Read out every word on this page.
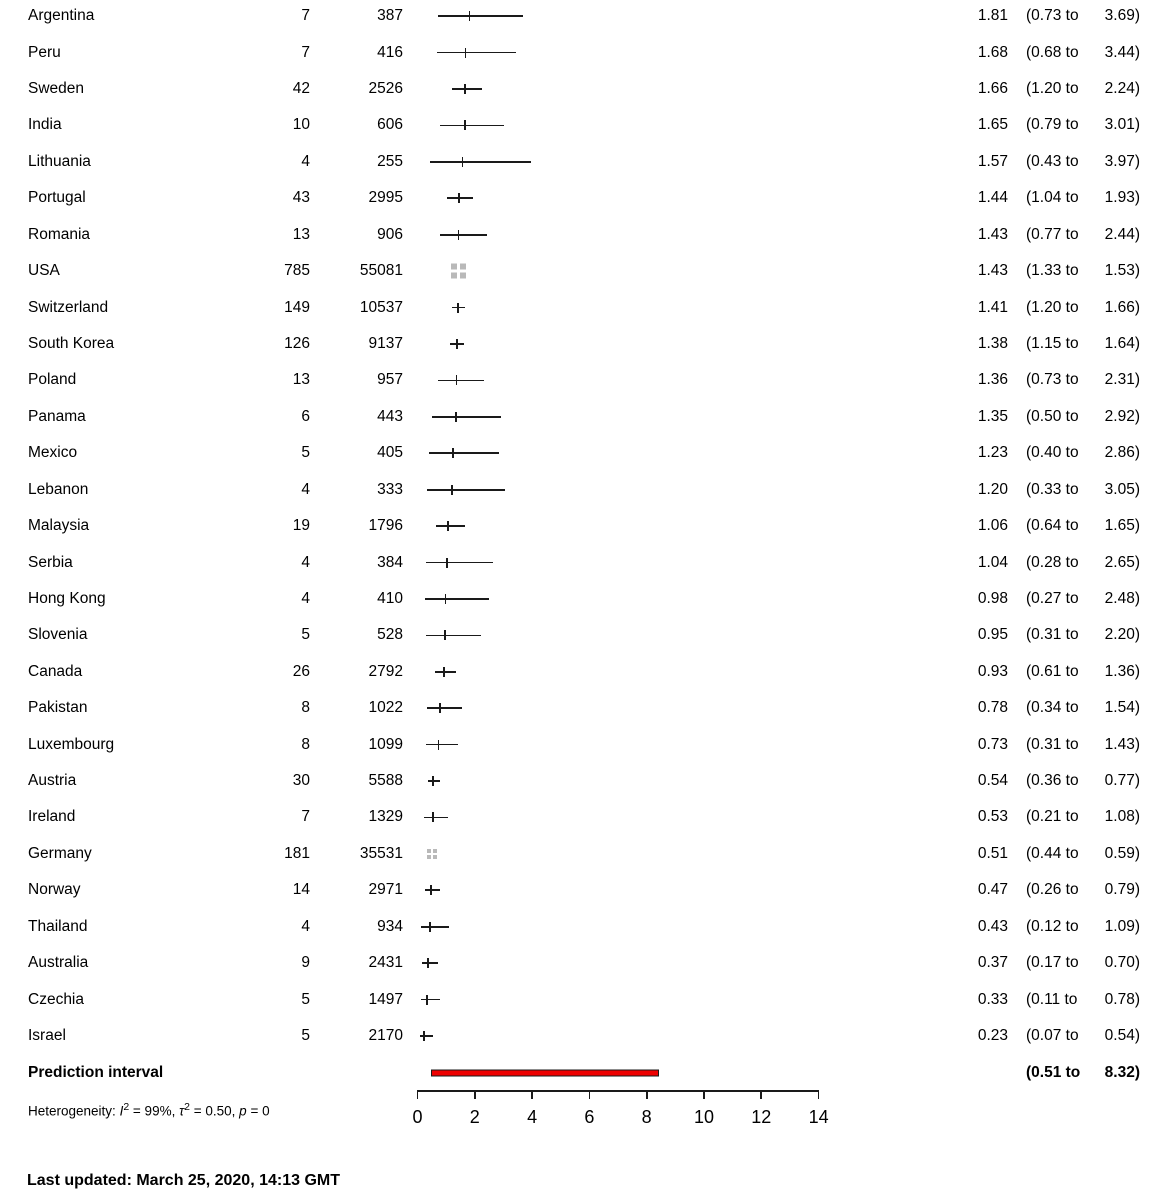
Argentina	7	387	1.81 (0.73 to 3.69)
Peru	7	416	1.68 (0.68 to 3.44)
Sweden	42	2526	1.66 (1.20 to 2.24)
India	10	606	1.65 (0.79 to 3.01)
Lithuania	4	255	1.57 (0.43 to 3.97)
Portugal	43	2995	1.44 (1.04 to 1.93)
Romania	13	906	1.43 (0.77 to 2.44)
USA	785	55081	1.43 (1.33 to 1.53)
Switzerland	149	10537	1.41 (1.20 to 1.66)
South Korea	126	9137	1.38 (1.15 to 1.64)
Poland	13	957	1.36 (0.73 to 2.31)
Panama	6	443	1.35 (0.50 to 2.92)
Mexico	5	405	1.23 (0.40 to 2.86)
Lebanon	4	333	1.20 (0.33 to 3.05)
Malaysia	19	1796	1.06 (0.64 to 1.65)
Serbia	4	384	1.04 (0.28 to 2.65)
Hong Kong	4	410	0.98 (0.27 to 2.48)
Slovenia	5	528	0.95 (0.31 to 2.20)
Canada	26	2792	0.93 (0.61 to 1.36)
Pakistan	8	1022	0.78 (0.34 to 1.54)
Luxembourg	8	1099	0.73 (0.31 to 1.43)
Austria	30	5588	0.54 (0.36 to 0.77)
Ireland	7	1329	0.53 (0.21 to 1.08)
Germany	181	35531	0.51 (0.44 to 0.59)
Norway	14	2971	0.47 (0.26 to 0.79)
Thailand	4	934	0.43 (0.12 to 1.09)
Australia	9	2431	0.37 (0.17 to 0.70)
Czechia	5	1497	0.33 (0.11 to 0.78)
Israel	5	2170	0.23 (0.07 to 0.54)
Prediction interval	(0.51 to 8.32)
0	2	4	6	8	10	12	14
Heterogeneity: $I^2 = 99\%$, $\tau^2 = 0.50$, p = 0
Last updated: March 25, 2020, 14:13 GMT
